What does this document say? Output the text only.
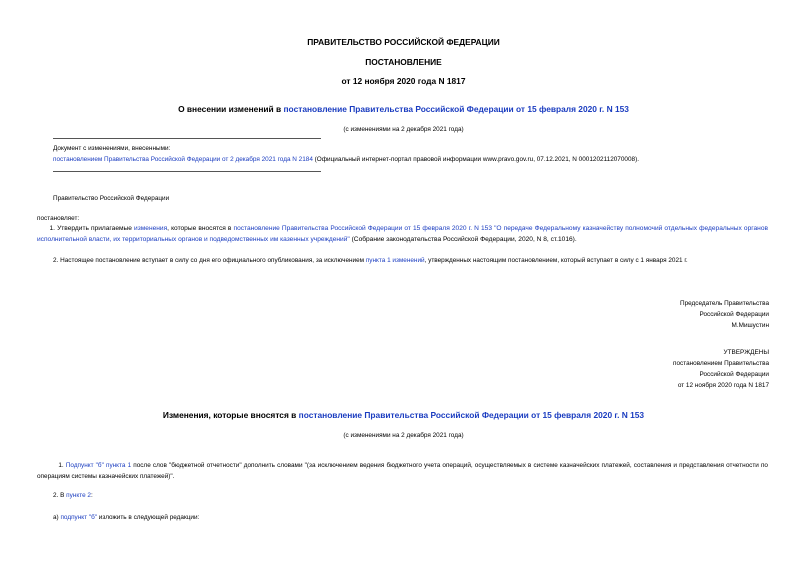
ПРАВИТЕЛЬСТВО РОССИЙСКОЙ ФЕДЕРАЦИИ
ПОСТАНОВЛЕНИЕ
от 12 ноября 2020 года N 1817
О внесении изменений в постановление Правительства Российской Федерации от 15 февраля 2020 г. N 153
(с изменениями на 2 декабря 2021 года)
Документ с изменениями, внесенными:
постановлением Правительства Российской Федерации от 2 декабря 2021 года N 2184 (Официальный интернет-портал правовой информации www.pravo.gov.ru, 07.12.2021, N 0001202112070008).
Правительство Российской Федерации
постановляет:
1. Утвердить прилагаемые изменения, которые вносятся в постановление Правительства Российской Федерации от 15 февраля 2020 г. N 153 "О передаче Федеральному казначейству полномочий отдельных федеральных органов исполнительной власти, их территориальных органов и подведомственных им казенных учреждений" (Собрание законодательства Российской Федерации, 2020, N 8, ст.1016).
2. Настоящее постановление вступает в силу со дня его официального опубликования, за исключением пункта 1 изменений, утвержденных настоящим постановлением, который вступает в силу с 1 января 2021 г.
Председатель Правительства
Российской Федерации
М.Мишустин
УТВЕРЖДЕНЫ
постановлением Правительства
Российской Федерации
от 12 ноября 2020 года N 1817
Изменения, которые вносятся в постановление Правительства Российской Федерации от 15 февраля 2020 г. N 153
(с изменениями на 2 декабря 2021 года)
1. Подпункт "б" пункта 1 после слов "бюджетной отчетности" дополнить словами "(за исключением ведения бюджетного учета операций, осуществляемых в системе казначейских платежей, составления и представления отчетности по операциям системы казначейских платежей)".
2. В пункте 2:
а) подпункт "б" изложить в следующей редакции:
